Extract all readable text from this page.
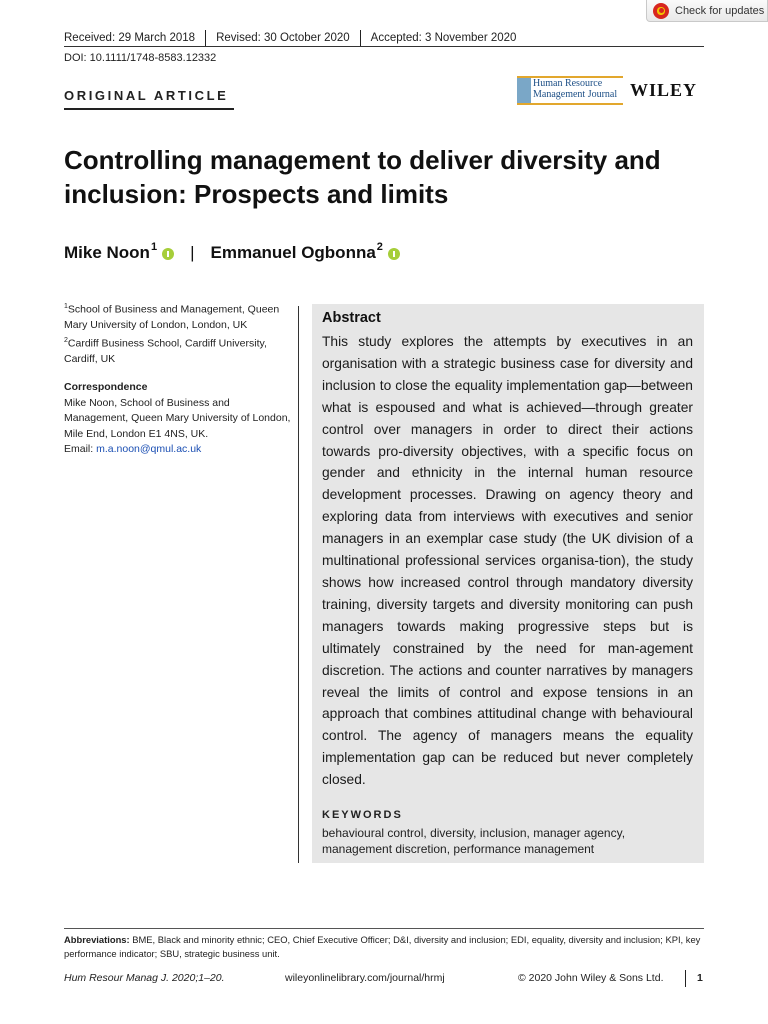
Check for updates
Received: 29 March 2018	Revised: 30 October 2020	Accepted: 3 November 2020
DOI: 10.1111/1748-8583.12332
ORIGINAL ARTICLE
Human Resource
Management Journal WILEY
Controlling management to deliver diversity and inclusion: Prospects and limits
Mike Noon$^1$ | Emmanuel Ogbonna$^2$
$^1$School of Business and Management, Queen Mary University of London, London, UK
$^2$Cardiff Business School, Cardiff University, Cardiff, UK
Correspondence
Mike Noon, School of Business and Management, Queen Mary University of London, Mile End, London E1 4NS, UK.
Email: m.a.noon@qmul.ac.uk
Abstract
This study explores the attempts by executives in an organisation with a strategic business case for diversity and inclusion to close the equality implementation gap—between what is espoused and what is achieved—through greater control over managers in order to direct their actions towards pro-diversity objectives, with a specific focus on gender and ethnicity in the internal human resource development processes. Drawing on agency theory and exploring data from interviews with executives and senior managers in an exemplar case study (the UK division of a multinational professional services organisa-tion), the study shows how increased control through mandatory diversity training, diversity targets and diversity monitoring can push managers towards making progressive steps but is ultimately constrained by the need for man-agement discretion. The actions and counter narratives by managers reveal the limits of control and expose tensions in an approach that combines attitudinal change with behavioural control. The agency of managers means the equality implementation gap can be reduced but never completely closed.
KEYWORDS
behavioural control, diversity, inclusion, manager agency, management discretion, performance management
Abbreviations: BME, Black and minority ethnic; CEO, Chief Executive Officer; D&I, diversity and inclusion; EDI, equality, diversity and inclusion; KPI, key performance indicator; SBU, strategic business unit.
Hum Resour Manag J. 2020;1–20.	wileyonlinelibrary.com/journal/hrmj	© 2020 John Wiley & Sons Ltd.	1
